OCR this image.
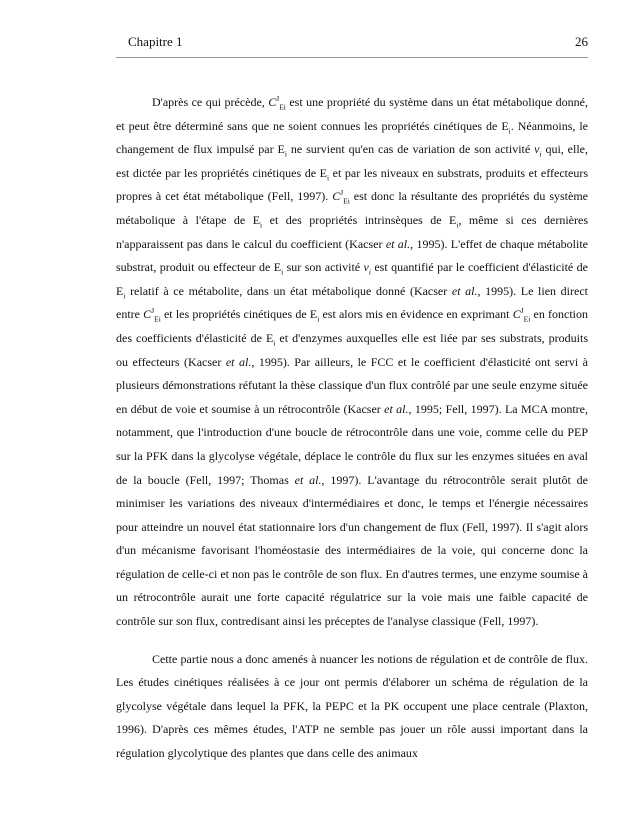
Chapitre 1	26

D'après ce qui précède, $C^J_{Ei}$ est une propriété du système dans un état métabolique donné, et peut être déterminé sans que ne soient connues les propriétés cinétiques de $E_i$. Néanmoins, le changement de flux impulsé par $E_i$ ne survient qu'en cas de variation de son activité $v_i$ qui, elle, est dictée par les propriétés cinétiques de $E_i$ et par les niveaux en substrats, produits et effecteurs propres à cet état métabolique (Fell, 1997). $C^J_{Ei}$ est donc la résultante des propriétés du système métabolique à l'étape de $E_i$ et des propriétés intrinsèques de $E_i$, même si ces dernières n'apparaissent pas dans le calcul du coefficient (Kacser et al., 1995). L'effet de chaque métabolite substrat, produit ou effecteur de $E_i$ sur son activité $v_i$ est quantifié par le coefficient d'élasticité de $E_i$ relatif à ce métabolite, dans un état métabolique donné (Kacser et al., 1995). Le lien direct entre $C^J_{Ei}$ et les propriétés cinétiques de $E_i$ est alors mis en évidence en exprimant $C^J_{Ei}$ en fonction des coefficients d'élasticité de $E_i$ et d'enzymes auxquelles elle est liée par ses substrats, produits ou effecteurs (Kacser et al., 1995). Par ailleurs, le FCC et le coefficient d'élasticité ont servi à plusieurs démonstrations réfutant la thèse classique d'un flux contrôlé par une seule enzyme située en début de voie et soumise à un rétrocontrôle (Kacser et al., 1995; Fell, 1997). La MCA montre, notamment, que l'introduction d'une boucle de rétrocontrôle dans une voie, comme celle du PEP sur la PFK dans la glycolyse végétale, déplace le contrôle du flux sur les enzymes situées en aval de la boucle (Fell, 1997; Thomas et al., 1997). L'avantage du rétrocontrôle serait plutôt de minimiser les variations des niveaux d'intermédiaires et donc, le temps et l'énergie nécessaires pour atteindre un nouvel état stationnaire lors d'un changement de flux (Fell, 1997). Il s'agit alors d'un mécanisme favorisant l'homéostasie des intermédiaires de la voie, qui concerne donc la régulation de celle-ci et non pas le contrôle de son flux. En d'autres termes, une enzyme soumise à un rétrocontrôle aurait une forte capacité régulatrice sur la voie mais une faible capacité de contrôle sur son flux, contredisant ainsi les préceptes de l'analyse classique (Fell, 1997).

Cette partie nous a donc amenés à nuancer les notions de régulation et de contrôle de flux. Les études cinétiques réalisées à ce jour ont permis d'élaborer un schéma de régulation de la glycolyse végétale dans lequel la PFK, la PEPC et la PK occupent une place centrale (Plaxton, 1996). D'après ces mêmes études, l'ATP ne semble pas jouer un rôle aussi important dans la régulation glycolytique des plantes que dans celle des animaux
